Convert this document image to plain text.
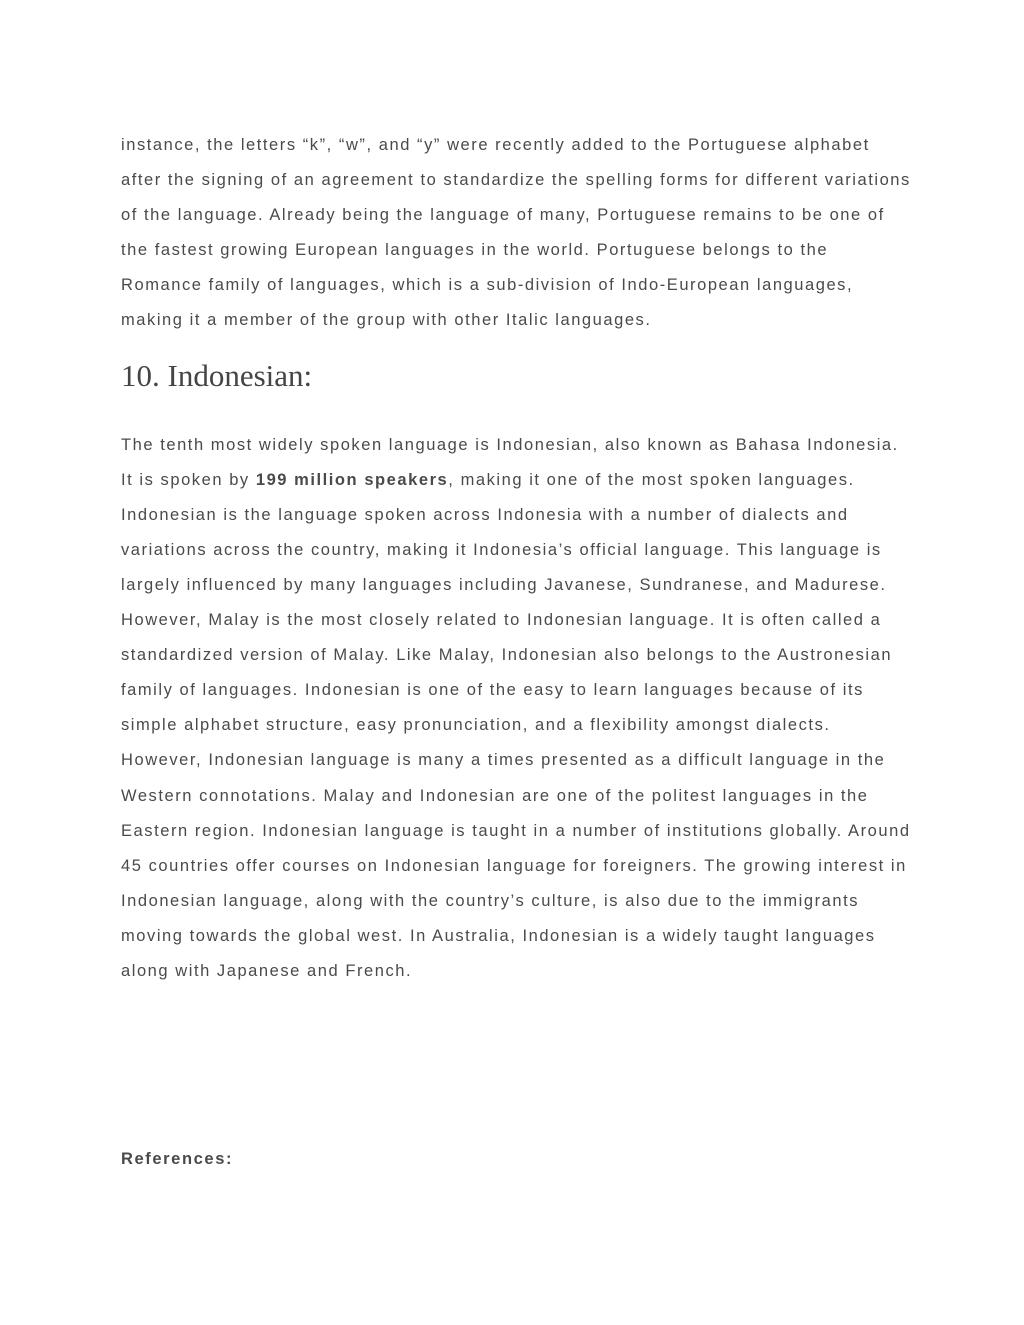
instance, the letters “k”, “w”, and “y” were recently added to the Portuguese alphabet after the signing of an agreement to standardize the spelling forms for different variations of the language. Already being the language of many, Portuguese remains to be one of the fastest growing European languages in the world. Portuguese belongs to the Romance family of languages, which is a sub-division of Indo-European languages, making it a member of the group with other Italic languages.

10. Indonesian:

The tenth most widely spoken language is Indonesian, also known as Bahasa Indonesia. It is spoken by 199 million speakers, making it one of the most spoken languages. Indonesian is the language spoken across Indonesia with a number of dialects and variations across the country, making it Indonesia’s official language. This language is largely influenced by many languages including Javanese, Sundranese, and Madurese. However, Malay is the most closely related to Indonesian language. It is often called a standardized version of Malay. Like Malay, Indonesian also belongs to the Austronesian family of languages. Indonesian is one of the easy to learn languages because of its simple alphabet structure, easy pronunciation, and a flexibility amongst dialects. However, Indonesian language is many a times presented as a difficult language in the Western connotations. Malay and Indonesian are one of the politest languages in the Eastern region. Indonesian language is taught in a number of institutions globally. Around 45 countries offer courses on Indonesian language for foreigners. The growing interest in Indonesian language, along with the country’s culture, is also due to the immigrants moving towards the global west. In Australia, Indonesian is a widely taught languages along with Japanese and French.

References:
